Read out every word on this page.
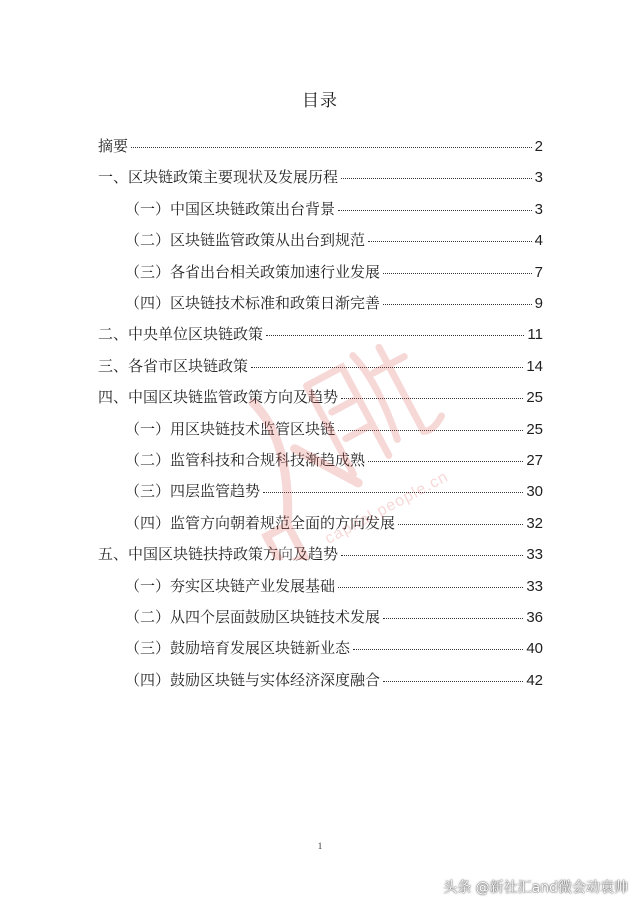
目录
摘要	2
一、区块链政策主要现状及发展历程	3
（一）中国区块链政策出台背景	3
（二）区块链监管政策从出台到规范	4
（三）各省出台相关政策加速行业发展	7
（四）区块链技术标准和政策日渐完善	9
二、中央单位区块链政策	11
三、各省市区块链政策	14
四、中国区块链监管政策方向及趋势	25
（一）用区块链技术监管区块链	25
（二）监管科技和合规科技渐趋成熟	27
（三）四层监管趋势	30
（四）监管方向朝着规范全面的方向发展	32
五、中国区块链扶持政策方向及趋势	33
（一）夯实区块链产业发展基础	33
（二）从四个层面鼓励区块链技术发展	36
（三）鼓励培育发展区块链新业态	40
（四）鼓励区块链与实体经济深度融合	42
capital.people.cn
1
头条 @新社汇and微会动袁帅
